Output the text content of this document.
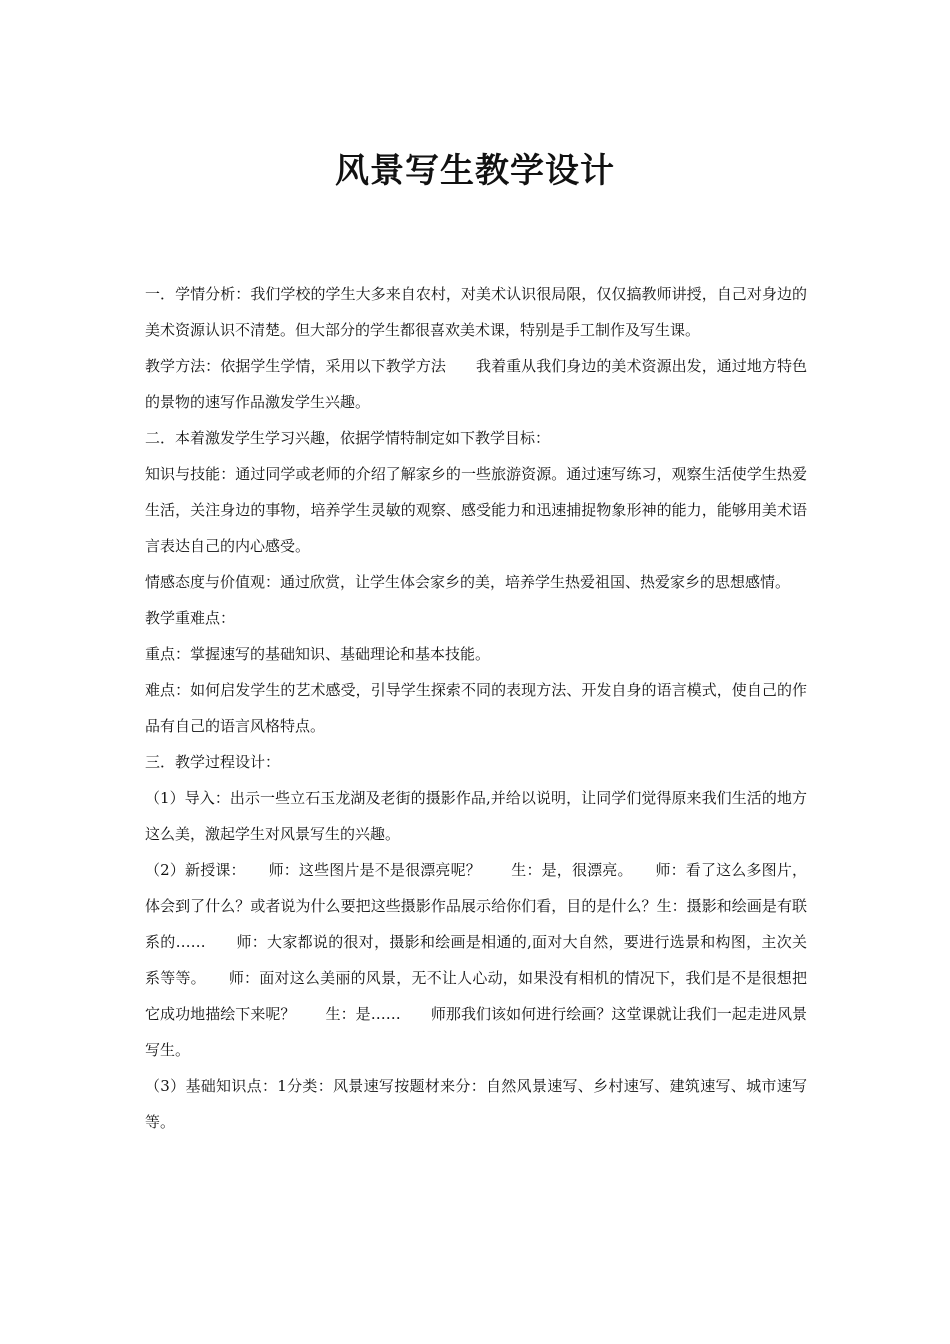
风景写生教学设计

一．学情分析：我们学校的学生大多来自农村，对美术认识很局限，仅仅搞教师讲授，自己对身边的美术资源认识不清楚。但大部分的学生都很喜欢美术课，特别是手工制作及写生课。

教学方法：依据学生学情，采用以下教学方法　　我着重从我们身边的美术资源出发，通过地方特色的景物的速写作品激发学生兴趣。

二．本着激发学生学习兴趣，依据学情特制定如下教学目标：

知识与技能：通过同学或老师的介绍了解家乡的一些旅游资源。通过速写练习，观察生活使学生热爱生活，关注身边的事物，培养学生灵敏的观察、感受能力和迅速捕捉物象形神的能力，能够用美术语言表达自己的内心感受。

情感态度与价值观：通过欣赏，让学生体会家乡的美，培养学生热爱祖国、热爱家乡的思想感情。

教学重难点：

重点：掌握速写的基础知识、基础理论和基本技能。

难点：如何启发学生的艺术感受，引导学生探索不同的表现方法、开发自身的语言模式，使自己的作品有自己的语言风格特点。

三．教学过程设计：

（1）导入：出示一些立石玉龙湖及老街的摄影作品,并给以说明，让同学们觉得原来我们生活的地方这么美，激起学生对风景写生的兴趣。

（2）新授课：　　师：这些图片是不是很漂亮呢？　　生：是，很漂亮。　　师：看了这么多图片，体会到了什么？或者说为什么要把这些摄影作品展示给你们看，目的是什么？生：摄影和绘画是有联系的……　　师：大家都说的很对，摄影和绘画是相通的,面对大自然，要进行选景和构图，主次关系等等。　　师：面对这么美丽的风景，无不让人心动，如果没有相机的情况下，我们是不是很想把它成功地描绘下来呢？　　生：是……　　师那我们该如何进行绘画？这堂课就让我们一起走进风景写生。

（3）基础知识点：1分类：风景速写按题材来分：自然风景速写、乡村速写、建筑速写、城市速写等。
